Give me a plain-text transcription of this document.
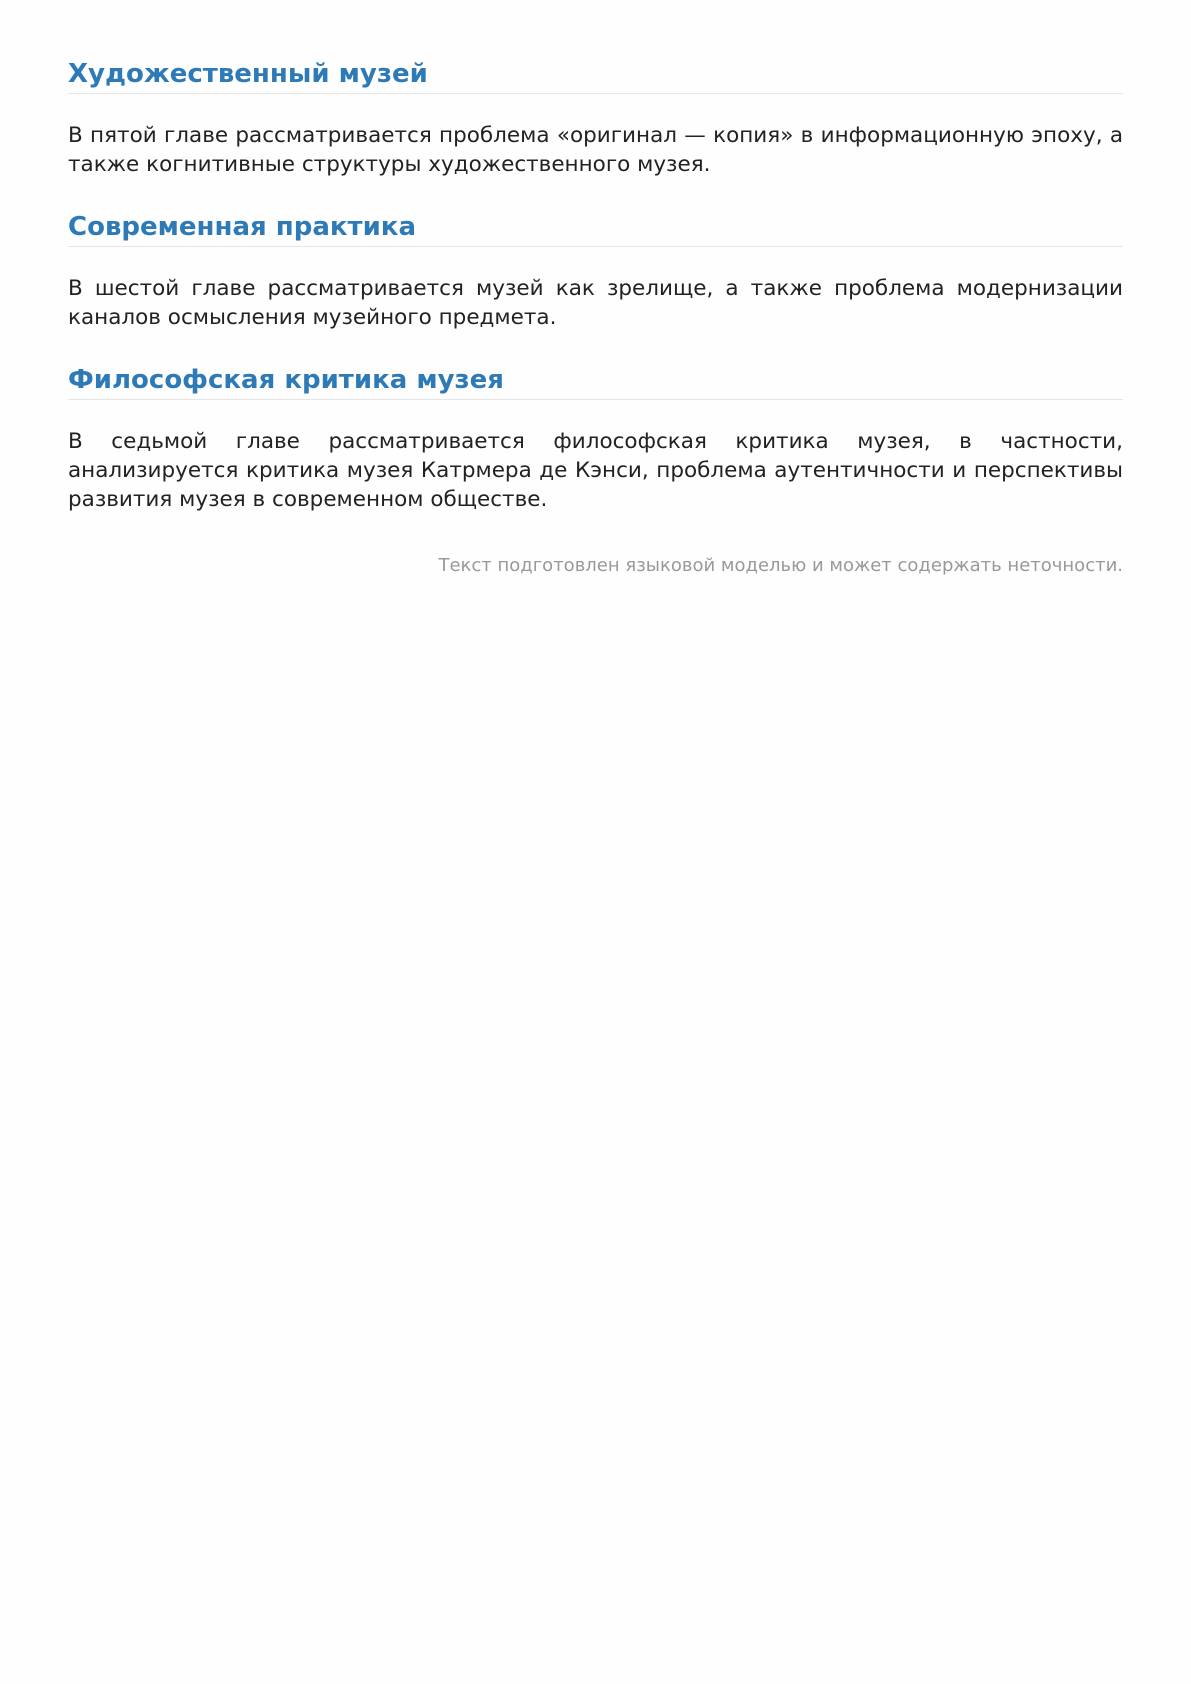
Художественный музей

В пятой главе рассматривается проблема «оригинал — копия» в информационную эпоху, а также когнитивные структуры художественного музея.

Современная практика

В шестой главе рассматривается музей как зрелище, а также проблема модернизации каналов осмысления музейного предмета.

Философская критика музея

В седьмой главе рассматривается философская критика музея, в частности, анализируется критика музея Катрмера де Кэнси, проблема аутентичности и перспективы развития музея в современном обществе.

Текст подготовлен языковой моделью и может содержать неточности.
